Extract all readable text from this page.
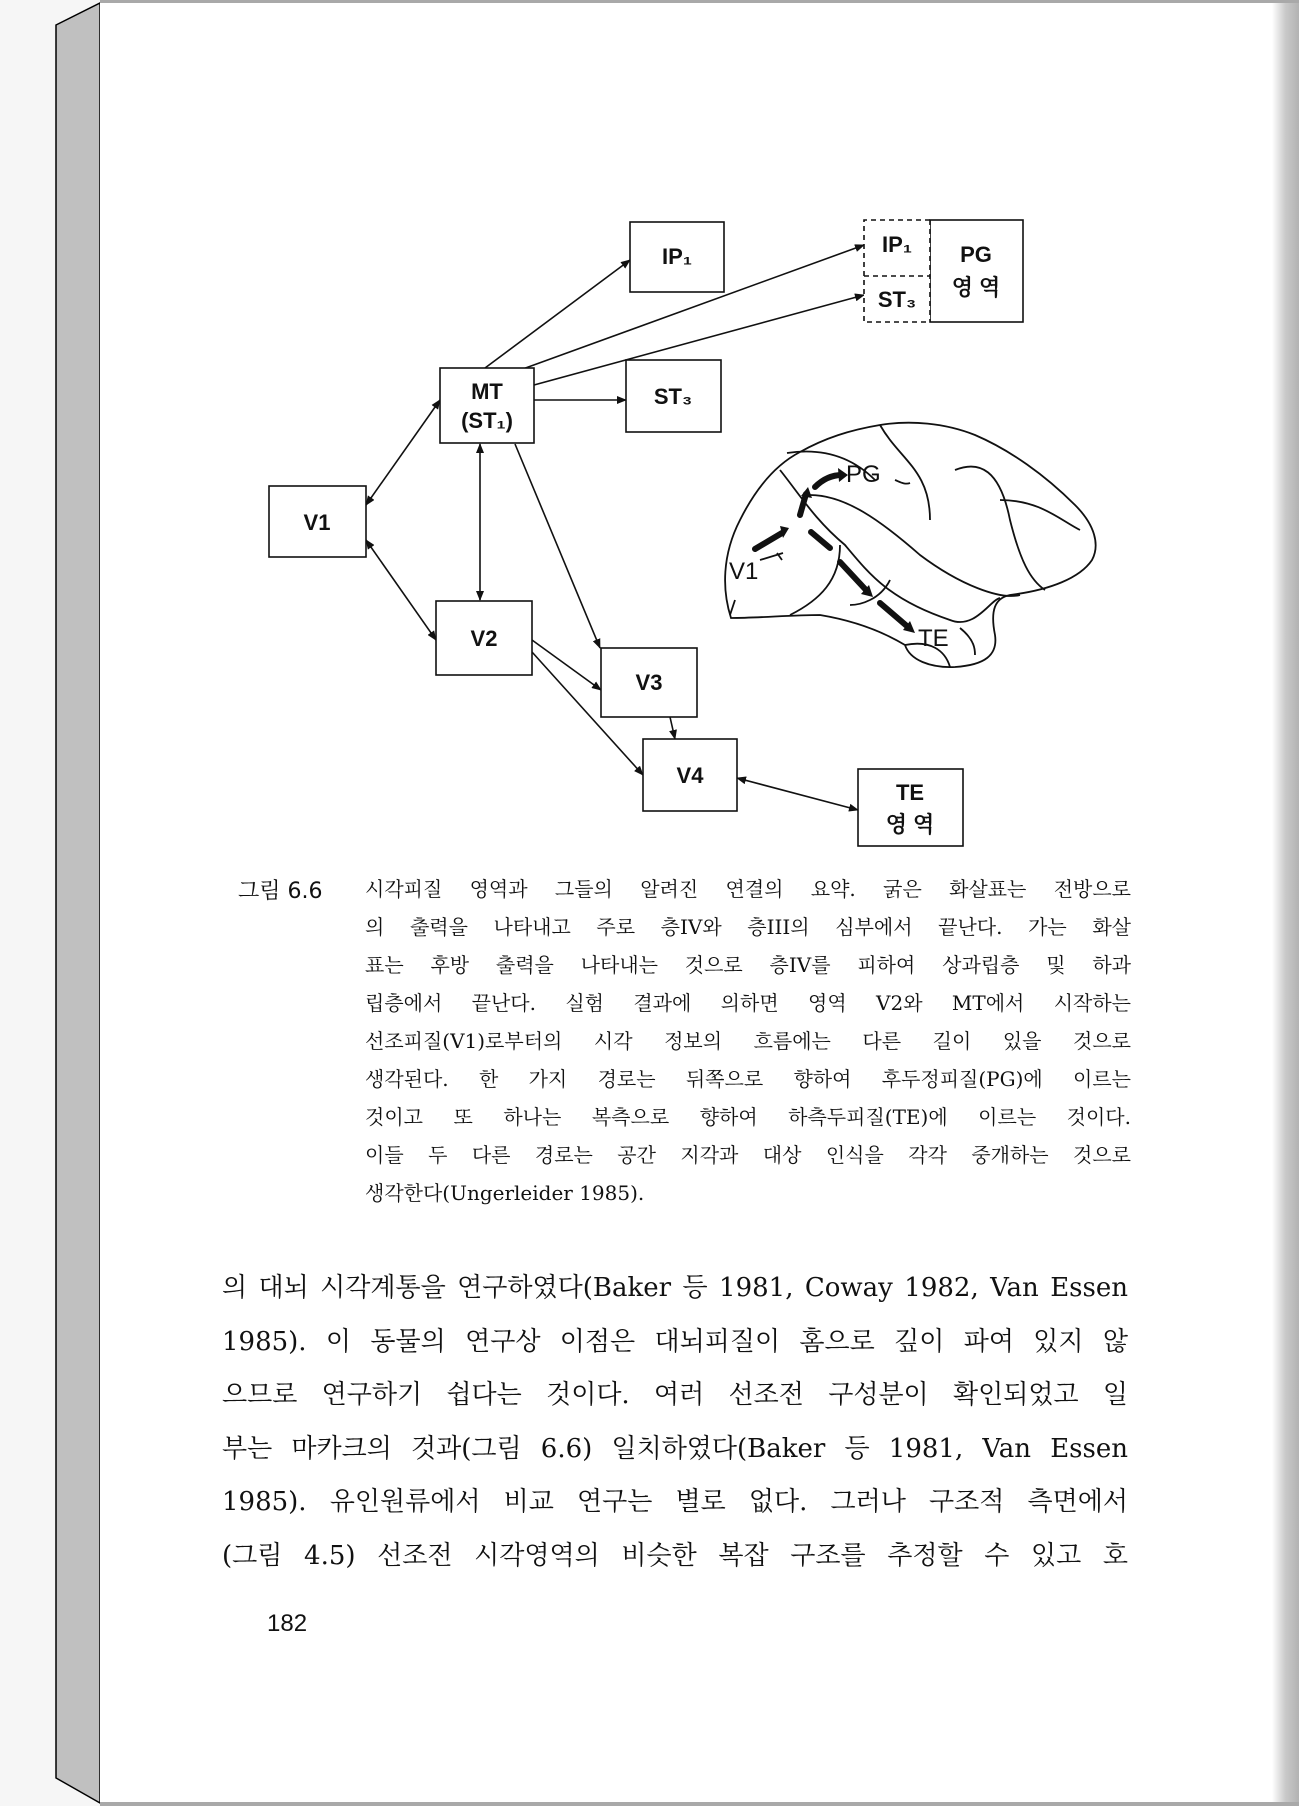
IP₁	IP₁
ST₃
PG
영 역
MT
(ST₁)
ST₃
V1
V2
V3
V4
TE
영 역
PG
V1
TE
그림 6.6 시각피질 영역과 그들의 알려진 연결의 요약. 굵은 화살표는 전방으로
의 출력을 나타내고 주로 층IV와 층III의 심부에서 끝난다. 가는 화살
표는 후방 출력을 나타내는 것으로 층IV를 피하여 상과립층 및 하과
립층에서 끝난다. 실험 결과에 의하면 영역 V2와 MT에서 시작하는
선조피질(V1)로부터의 시각 정보의 흐름에는 다른 길이 있을 것으로
생각된다. 한 가지 경로는 뒤쪽으로 향하여 후두정피질(PG)에 이르는
것이고 또 하나는 복측으로 향하여 하측두피질(TE)에 이르는 것이다.
이들 두 다른 경로는 공간 지각과 대상 인식을 각각 중개하는 것으로
생각한다(Ungerleider 1985).
의 대뇌 시각계통을 연구하였다(Baker 등 1981, Coway 1982, Van Essen
1985). 이 동물의 연구상 이점은 대뇌피질이 홈으로 깊이 파여 있지 않
으므로 연구하기 쉽다는 것이다. 여러 선조전 구성분이 확인되었고 일
부는 마카크의 것과(그림 6.6) 일치하였다(Baker 등 1981, Van Essen
1985). 유인원류에서 비교 연구는 별로 없다. 그러나 구조적 측면에서
(그림 4.5) 선조전 시각영역의 비슷한 복잡 구조를 추정할 수 있고 호
182
